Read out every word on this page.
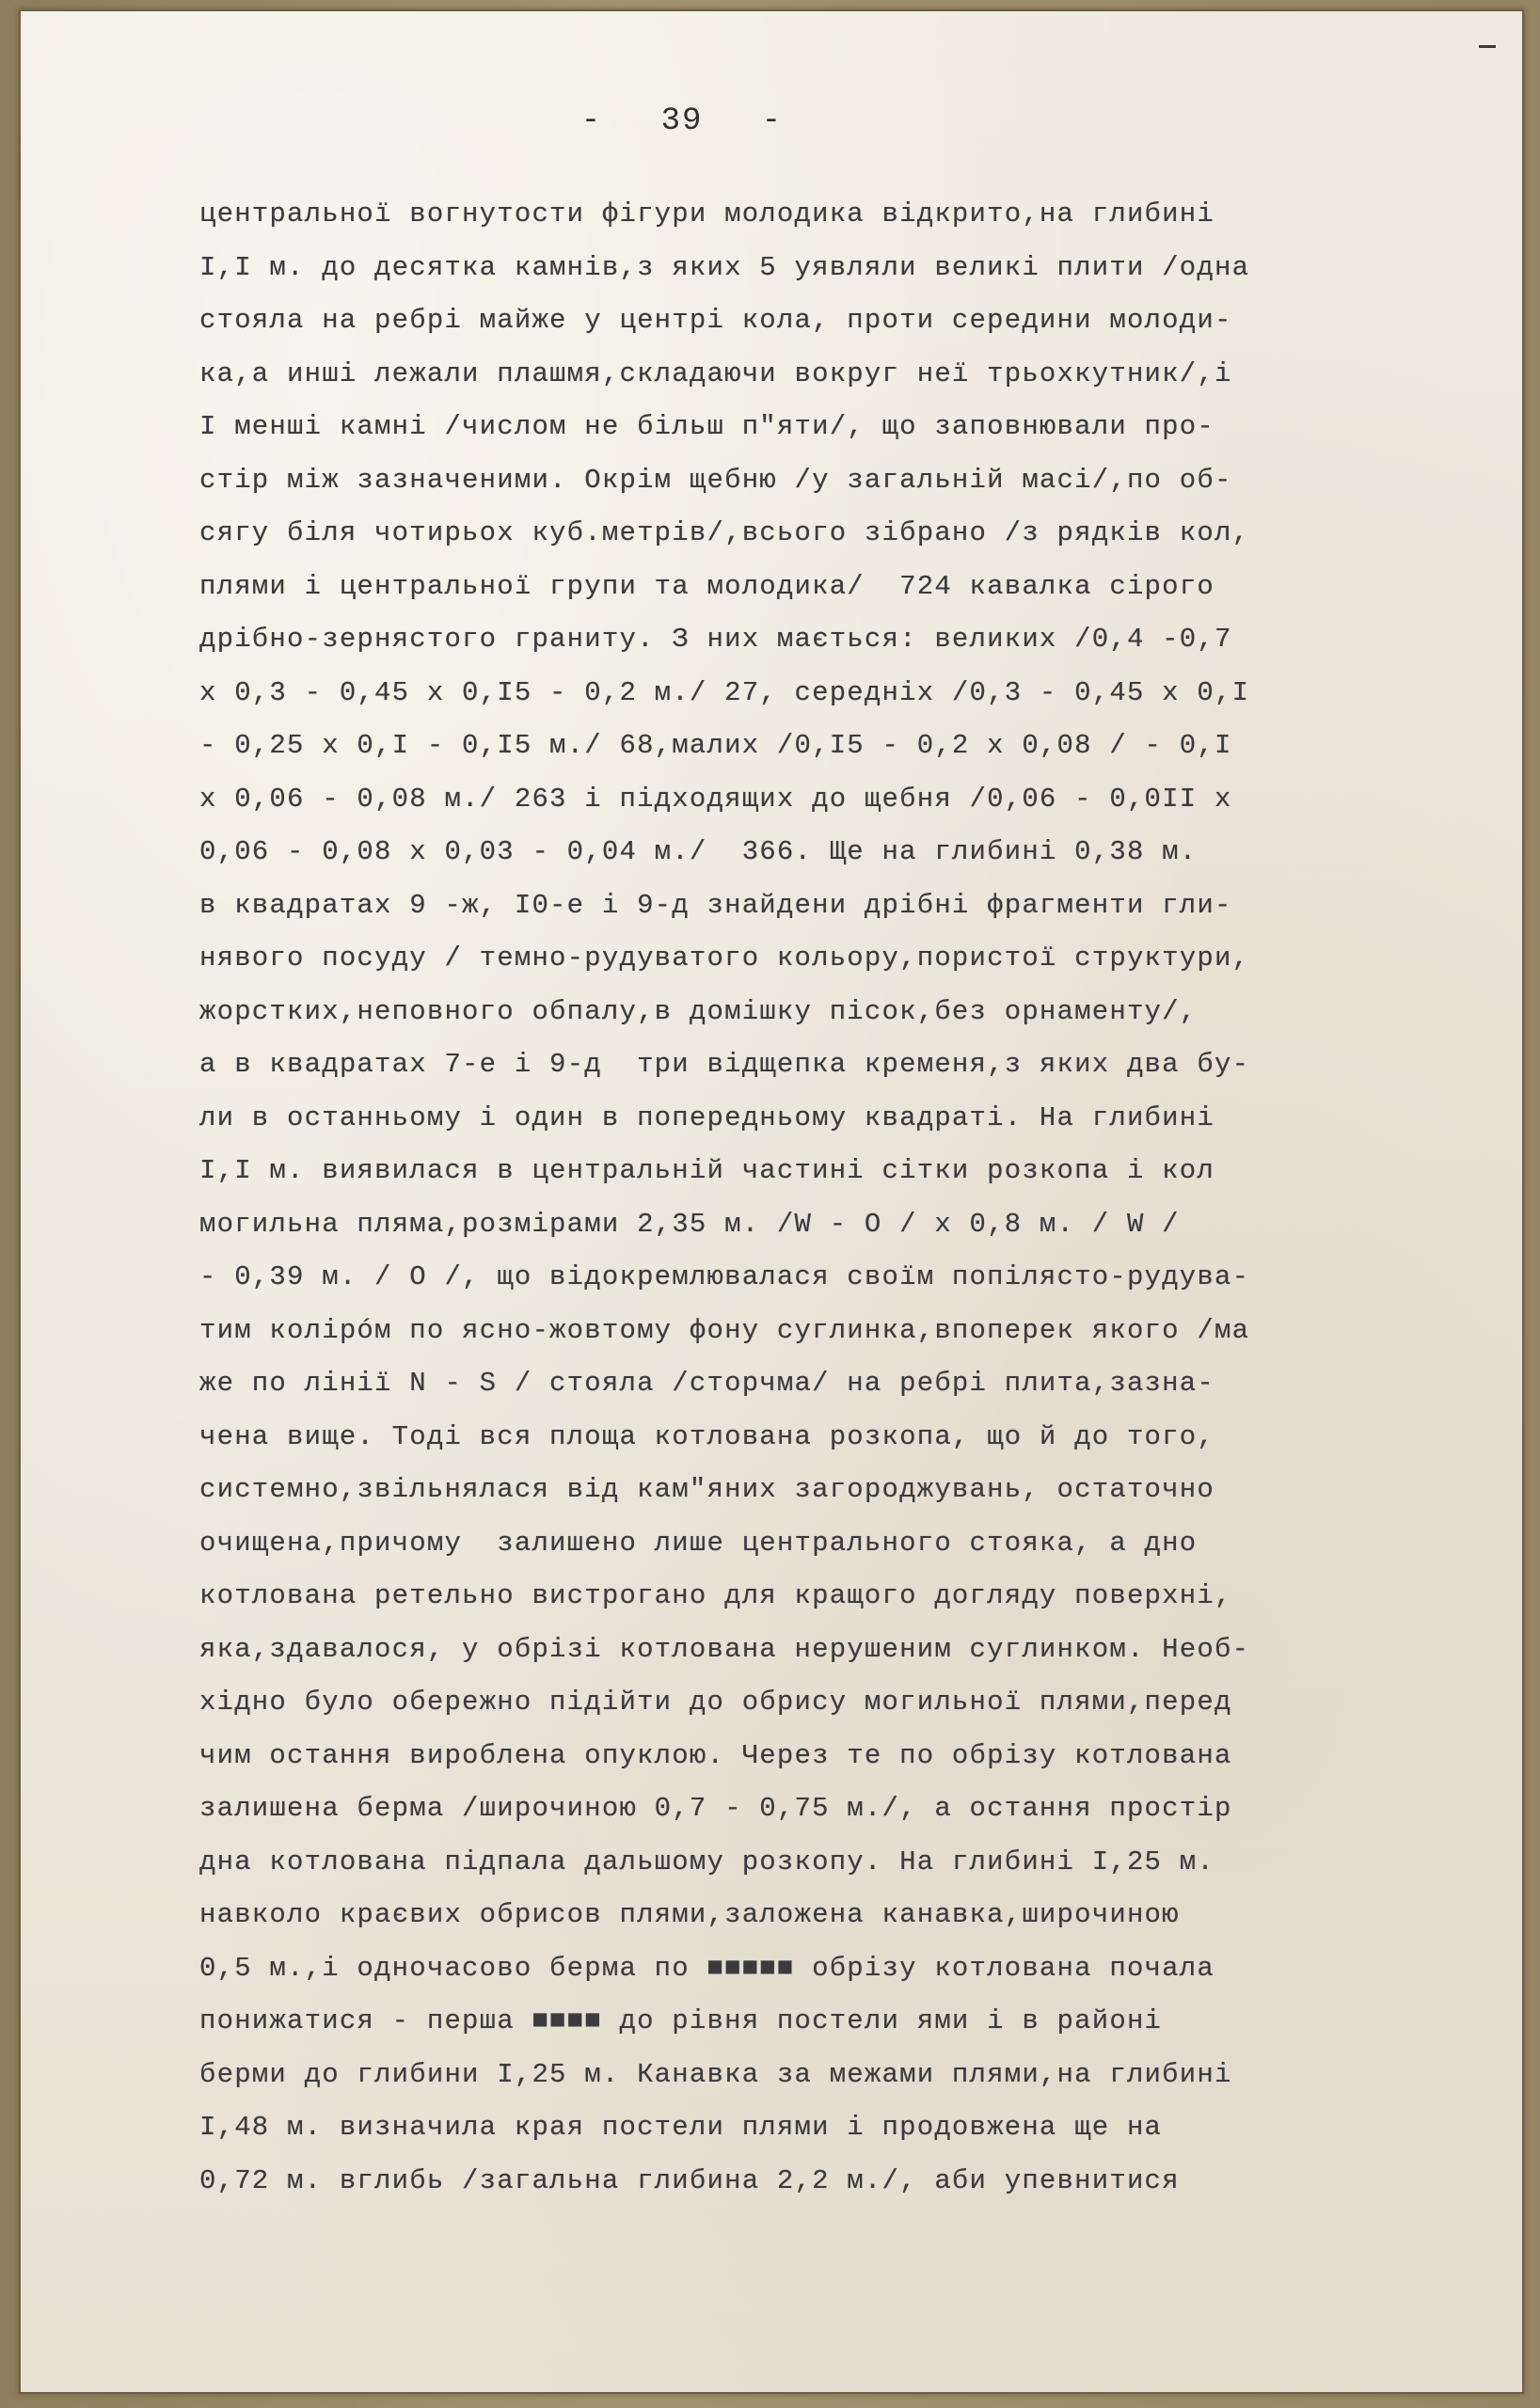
- 39 -
центральної вогнутости фігури молодика відкрито,на глибині
I,I м. до десятка камнів,з яких 5 уявляли великі плити /одна
стояла на ребрі майже у центрі кола, проти середини молоди-
ка,а инші лежали плашмя,складаючи вокруг неї трьохкутник/,і
I менші камні /числом не більш п"яти/, що заповнювали про-
стір між зазначеними. Окрім щебню /у загальній масі/,по об-
сягу біля чотирьох куб.метрів/,всього зібрано /з рядків кол,
плями і центральної групи та молодика/  724 кавалка сірого
дрібно-зернястого граниту. З них мається: великих /0,4 -0,7
х 0,3 - 0,45 х 0,I5 - 0,2 м./ 27, середніх /0,3 - 0,45 х 0,I
- 0,25 х 0,I - 0,I5 м./ 68,малих /0,I5 - 0,2 х 0,08 / - 0,I
х 0,06 - 0,08 м./ 263 і підходящих до щебня /0,06 - 0,0II х
0,06 - 0,08 х 0,03 - 0,04 м./  366. Ще на глибині 0,38 м.
в квадратах 9 -ж, I0-е і 9-д знайдени дрібні фрагменти гли-
нявого посуду / темно-рудуватого кольору,пористої структури,
жорстких,неповного обпалу,в домішку пісок,без орнаменту/,
а в квадратах 7-е і 9-д  три відщепка кременя,з яких два бу-
ли в останньому і один в попередньому квадраті. На глибині
I,I м. виявилася в центральній частині сітки розкопа і кол
могильна пляма,розмірами 2,35 м. /W - O / х 0,8 м. / W /
- 0,39 м. / O /, що відокремлювалася своїм попілясто-рудува-
тим колірóм по ясно-жовтому фону суглинка,впоперек якого /ма
же по лінії N - S / стояла /сторчма/ на ребрі плита,зазна-
чена вище. Тоді вся площа котлована розкопа, що й до того,
системно,звільнялася від кам"яних загороджувань, остаточно
очищена,причому  залишено лише центрального стояка, а дно
котлована ретельно вистрогано для кращого догляду поверхні,
яка,здавалося, у обрізі котлована нерушеним суглинком. Необ-
хідно було обережно підійти до обрису могильної плями,перед
чим остання вироблена опуклою. Через те по обрізу котлована
залишена берма /широчиною 0,7 - 0,75 м./, а остання простір
дна котлована підпала дальшому розкопу. На глибині I,25 м.
навколо краєвих обрисов плями,заложена канавка,широчиною
0,5 м.,і одночасово берма по ■■■■■ обрізу котлована почала
понижатися - перша ■■■■ до рівня постели ями і в районі
берми до глибини I,25 м. Канавка за межами плями,на глибині
I,48 м. визначила края постели плями і продовжена ще на
0,72 м. вглибь /загальна глибина 2,2 м./, аби упевнитися
